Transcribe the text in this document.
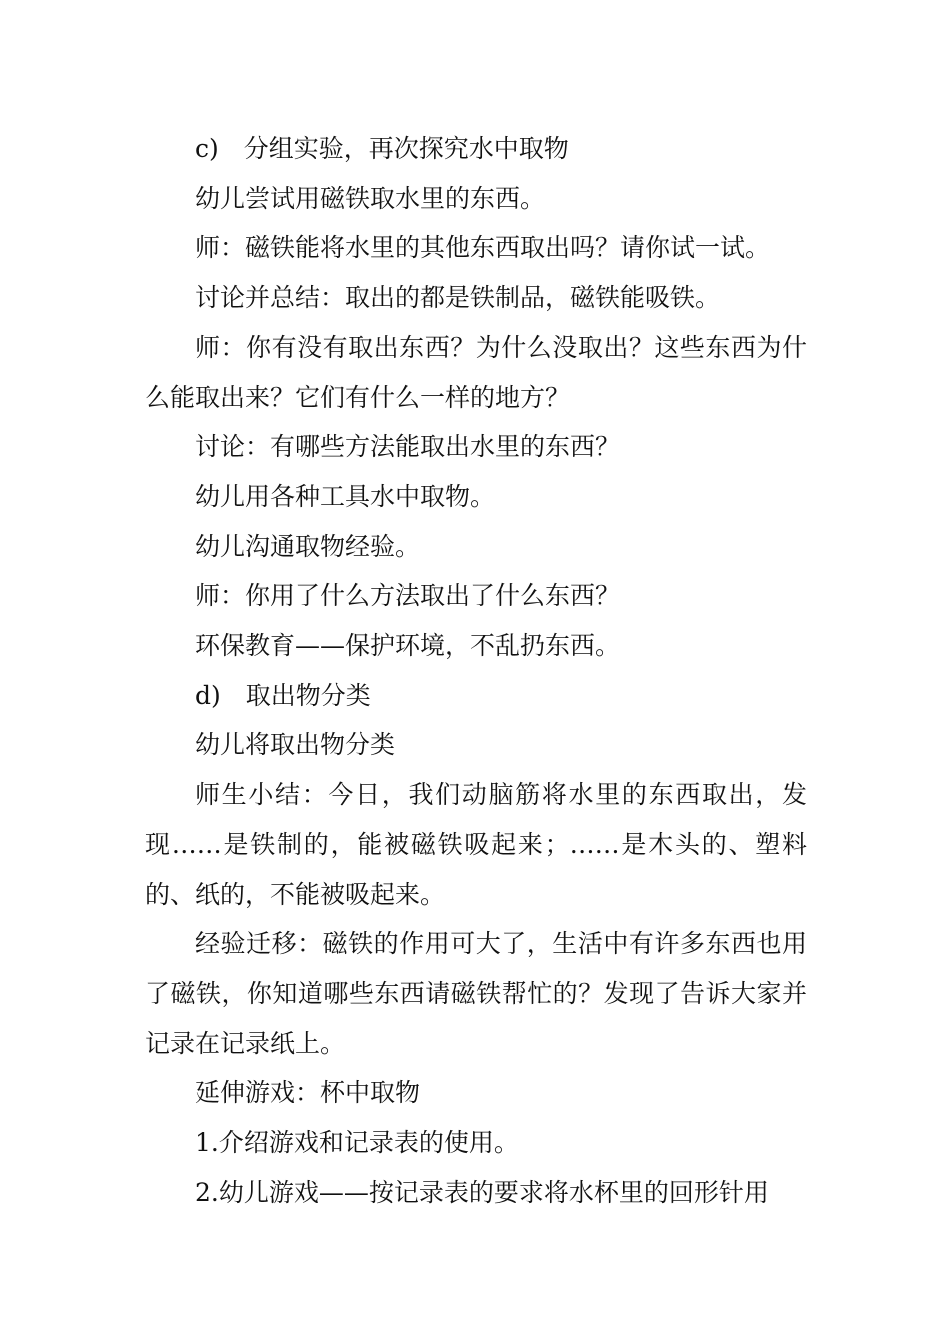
c)　分组实验，再次探究水中取物

幼儿尝试用磁铁取水里的东西。

师：磁铁能将水里的其他东西取出吗？请你试一试。

讨论并总结：取出的都是铁制品，磁铁能吸铁。

师：你有没有取出东西？为什么没取出？这些东西为什么能取出来？它们有什么一样的地方？

讨论：有哪些方法能取出水里的东西？

幼儿用各种工具水中取物。

幼儿沟通取物经验。

师：你用了什么方法取出了什么东西？

环保教育——保护环境，不乱扔东西。

d)　取出物分类

幼儿将取出物分类

师生小结：今日，我们动脑筋将水里的东西取出，发现……是铁制的，能被磁铁吸起来；……是木头的、塑料的、纸的，不能被吸起来。

经验迁移：磁铁的作用可大了，生活中有许多东西也用了磁铁，你知道哪些东西请磁铁帮忙的？发现了告诉大家并记录在记录纸上。

延伸游戏：杯中取物

1.介绍游戏和记录表的使用。

2.幼儿游戏——按记录表的要求将水杯里的回形针用
